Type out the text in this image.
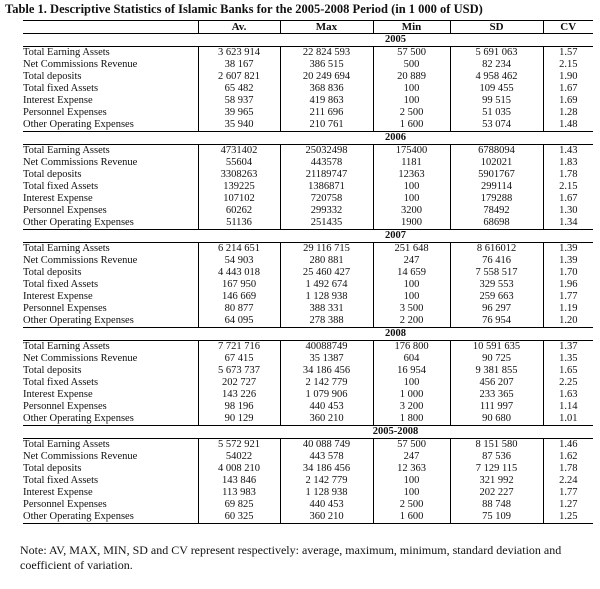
Table 1. Descriptive Statistics of Islamic Banks for the 2005-2008 Period (in 1 000 of USD)
	Av.	Max	Min	SD	CV
	2005				
Total Earning Assets	3 623 914	22 824 593	57 500	5 691 063	1.57
Net Commissions Revenue	38 167	386 515	500	82 234	2.15
Total deposits	2 607 821	20 249 694	20 889	4 958 462	1.90
Total fixed Assets	65 482	368 836	100	109 455	1.67
Interest Expense	58 937	419 863	100	99 515	1.69
Personnel Expenses	39 965	211 696	2 500	51 035	1.28
Other Operating Expenses	35 940	210 761	1 600	53 074	1.48
	2006				
Total Earning Assets	4731402	25032498	175400	6788094	1.43
Net Commissions Revenue	55604	443578	1181	102021	1.83
Total deposits	3308263	21189747	12363	5901767	1.78
Total fixed Assets	139225	1386871	100	299114	2.15
Interest Expense	107102	720758	100	179288	1.67
Personnel Expenses	60262	299332	3200	78492	1.30
Other Operating Expenses	51136	251435	1900	68698	1.34
	2007				
Total Earning Assets	6 214 651	29 116 715	251 648	8 616012	1.39
Net Commissions Revenue	54 903	280 881	247	76 416	1.39
Total deposits	4 443 018	25 460 427	14 659	7 558 517	1.70
Total fixed Assets	167 950	1 492 674	100	329 553	1.96
Interest Expense	146 669	1 128 938	100	259 663	1.77
Personnel Expenses	80 877	388 331	3 500	96 297	1.19
Other Operating Expenses	64 095	278 388	2 200	76 954	1.20
	2008				
Total Earning Assets	7 721 716	40088749	176 800	10 591 635	1.37
Net Commissions Revenue	67 415	35 1387	604	90 725	1.35
Total deposits	5 673 737	34 186 456	16 954	9 381 855	1.65
Total fixed Assets	202 727	2 142 779	100	456 207	2.25
Interest Expense	143 226	1 079 906	1 000	233 365	1.63
Personnel Expenses	98 196	440 453	3 200	111 997	1.14
Other Operating Expenses	90 129	360 210	1 800	90 680	1.01
	2005-2008				
Total Earning Assets	5 572 921	40 088 749	57 500	8 151 580	1.46
Net Commissions Revenue	54022	443 578	247	87 536	1.62
Total deposits	4 008 210	34 186 456	12 363	7 129 115	1.78
Total fixed Assets	143 846	2 142 779	100	321 992	2.24
Interest Expense	113 983	1 128 938	100	202 227	1.77
Personnel Expenses	69 825	440 453	2 500	88 748	1.27
Other Operating Expenses	60 325	360 210	1 600	75 109	1.25
Note: AV, MAX, MIN, SD and CV represent respectively: average, maximum, minimum, standard deviation and coefficient of variation.
